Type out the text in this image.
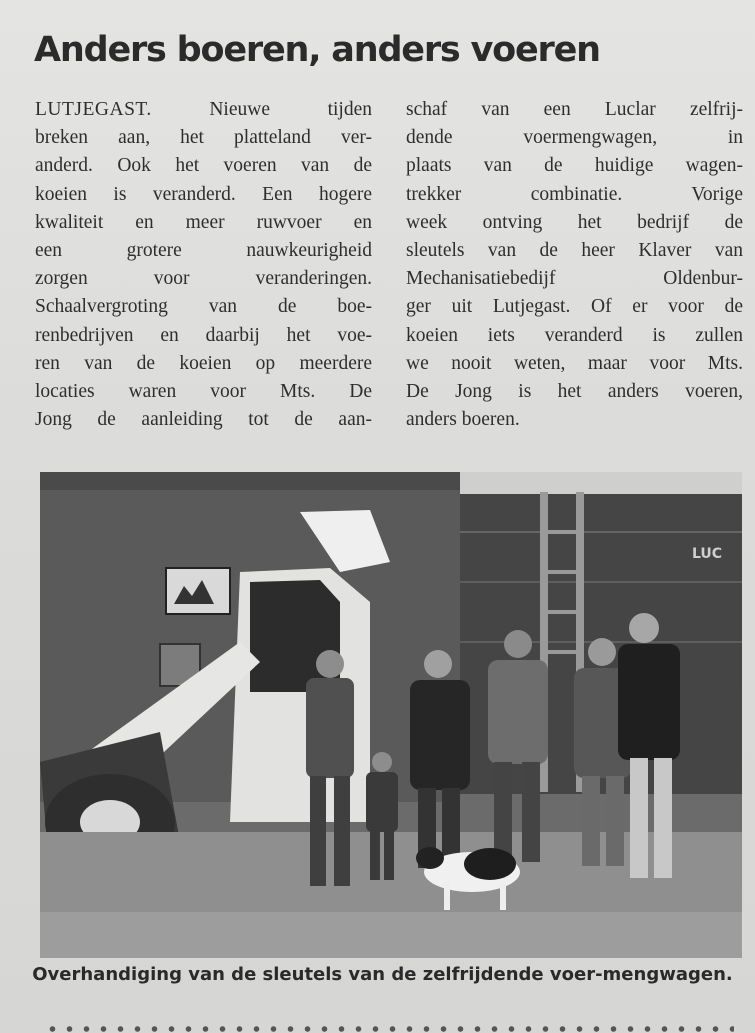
Anders boeren, anders voeren
LUTJEGAST. Nieuwe tijden
breken aan, het platteland ver-
anderd. Ook het voeren van de
koeien is veranderd. Een hogere
kwaliteit en meer ruwvoer en
een grotere nauwkeurigheid
zorgen voor veranderingen.
Schaalvergroting van de boe-
renbedrijven en daarbij het voe-
ren van de koeien op meerdere
locaties waren voor Mts. De
Jong de aanleiding tot de aan-
schaf van een Luclar zelfrij-
dende voermengwagen, in
plaats van de huidige wagen-
trekker combinatie. Vorige
week ontving het bedrijf de
sleutels van de heer Klaver van
Mechanisatiebedijf Oldenbur-
ger uit Lutjegast. Of er voor de
koeien iets veranderd is zullen
we nooit weten, maar voor Mts.
De Jong is het anders voeren,
anders boeren.
LUC
Overhandiging van de sleutels van de zelfrijdende voer-mengwagen.
